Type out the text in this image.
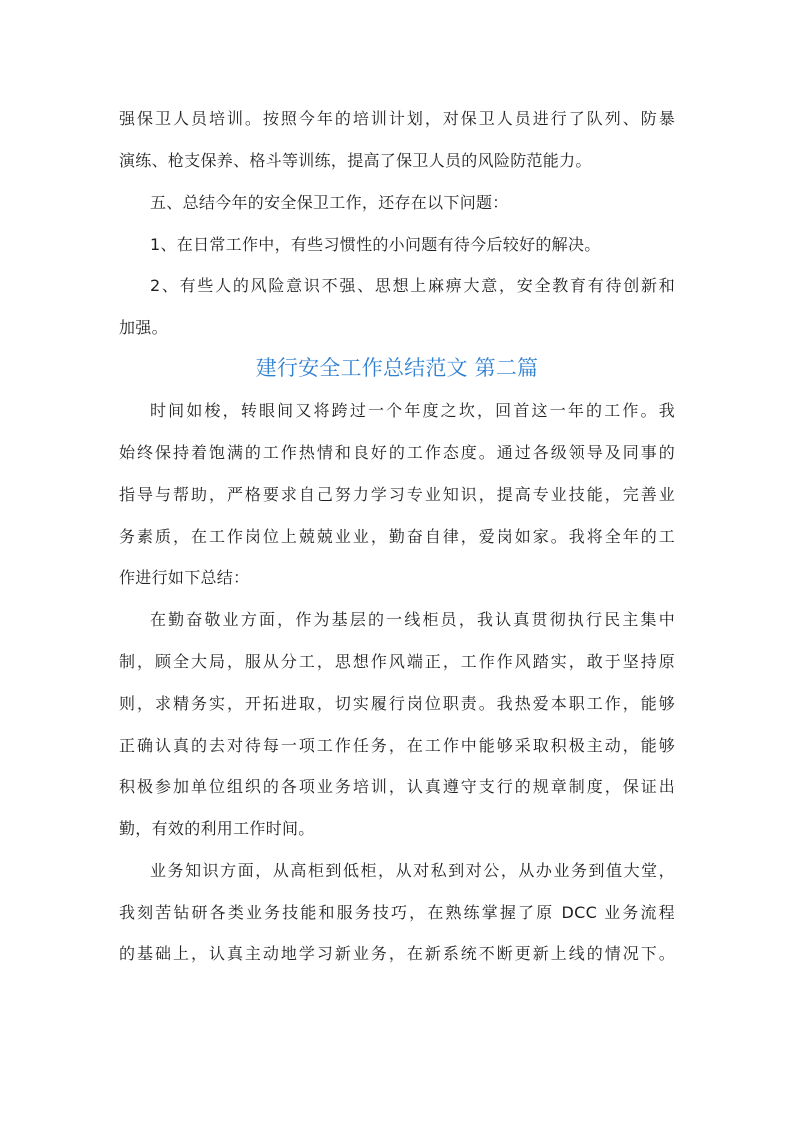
强保卫人员培训。按照今年的培训计划，对保卫人员进行了队列、防暴
演练、枪支保养、格斗等训练，提高了保卫人员的风险防范能力。
五、总结今年的安全保卫工作，还存在以下问题：
1、在日常工作中，有些习惯性的小问题有待今后较好的解决。
2、有些人的风险意识不强、思想上麻痹大意，安全教育有待创新和
加强。
建行安全工作总结范文 第二篇
时间如梭，转眼间又将跨过一个年度之坎，回首这一年的工作。我
始终保持着饱满的工作热情和良好的工作态度。通过各级领导及同事的
指导与帮助，严格要求自己努力学习专业知识，提高专业技能，完善业
务素质，在工作岗位上兢兢业业，勤奋自律，爱岗如家。我将全年的工
作进行如下总结：
在勤奋敬业方面，作为基层的一线柜员，我认真贯彻执行民主集中
制，顾全大局，服从分工，思想作风端正，工作作风踏实，敢于坚持原
则，求精务实，开拓进取，切实履行岗位职责。我热爱本职工作，能够
正确认真的去对待每一项工作任务，在工作中能够采取积极主动，能够
积极参加单位组织的各项业务培训，认真遵守支行的规章制度，保证出
勤，有效的利用工作时间。
业务知识方面，从高柜到低柜，从对私到对公，从办业务到值大堂，
我刻苦钻研各类业务技能和服务技巧，在熟练掌握了原 DCC 业务流程
的基础上，认真主动地学习新业务，在新系统不断更新上线的情况下。
